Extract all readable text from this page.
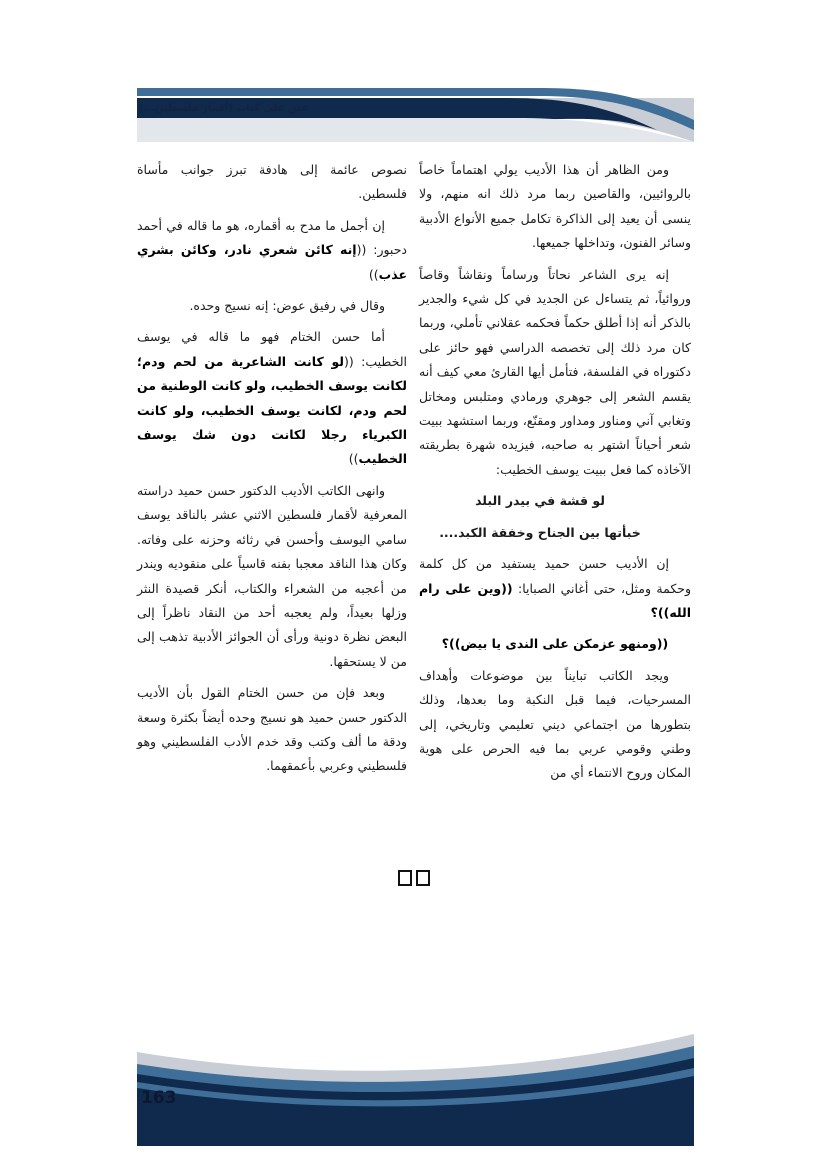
عين على كتاب (أقمار فلسطين...)

ومن الظاهر أن هذا الأديب يولي اهتماماً خاصاً بالروائيين، والقاصين ربما مرد ذلك انه منهم، ولا ينسى أن يعيد إلى الذاكرة تكامل جميع الأنواع الأدبية وسائر الفنون، وتداخلها جميعها.

إنه يرى الشاعر نحاتاً ورساماً ونقاشاً وقاصاً وروائياً، ثم يتساءل عن الجديد في كل شيء والجدير بالذكر أنه إذا أطلق حكماً فحكمه عقلاني تأملي، وربما كان مرد ذلك إلى تخصصه الدراسي فهو حائز على دكتوراه في الفلسفة، فتأمل أيها القارئ معي كيف أنه يقسم الشعر إلى جوهري ورمادي ومتلبس ومخاتل وتغابي آني ومناور ومداور ومقنّع، وربما استشهد ببيت شعر أحياناً اشتهر به صاحبه، فيزيده شهرة بطريقته الآخاذه كما فعل ببيت يوسف الخطيب:

لو قشة في بيدر البلد

خبأتها بين الجناح وخفقة الكبد....

إن الأديب حسن حميد يستفيد من كل كلمة وحكمة ومثل، حتى أغاني الصبايا: ((وين على رام الله))؟

((ومنهو عزمكن على الندى يا بيض))؟

ويجد الكاتب تبايناً بين موضوعات وأهداف المسرحيات، فيما قبل النكبة وما بعدها، وذلك بتطورها من اجتماعي ديني تعليمي وتاريخي، إلى وطني وقومي عربي بما فيه الحرص على هوية المكان وروح الانتماء أي من

نصوص عائمة إلى هادفة تبرز جوانب مأساة فلسطين.

إن أجمل ما مدح به أقماره، هو ما قاله في أحمد دحبور: ((إنه كائن شعري نادر، وكائن بشري عذب))

وقال في رفيق عوض: إنه نسيج وحده.

أما حسن الختام فهو ما قاله في يوسف الخطيب: ((لو كانت الشاعرية من لحم ودم؛ لكانت يوسف الخطيب، ولو كانت الوطنية من لحم ودم، لكانت يوسف الخطيب، ولو كانت الكبرياء رجلا لكانت دون شك يوسف الخطيب))

وانهى الكاتب الأديب الدكتور حسن حميد دراسته المعرفية لأقمار فلسطين الاثني عشر بالناقد يوسف سامي اليوسف وأحسن في رثائه وحزنه على وفاته. وكان هذا الناقد معجبا بفنه قاسياً على منقوديه ويندر من أعجبه من الشعراء والكتاب، أنكر قصيدة النثر وزلها بعيداً، ولم يعجبه أحد من النقاد ناظراً إلى البعض نظرة دونية ورأى أن الجوائز الأدبية تذهب إلى من لا يستحقها.

وبعد فإن من حسن الختام القول بأن الأديب الدكتور حسن حميد هو نسيج وحده أيضاً بكثرة وسعة ودقة ما ألف وكتب وقد خدم الأدب الفلسطيني وهو فلسطيني وعربي بأعمقهما.

163
